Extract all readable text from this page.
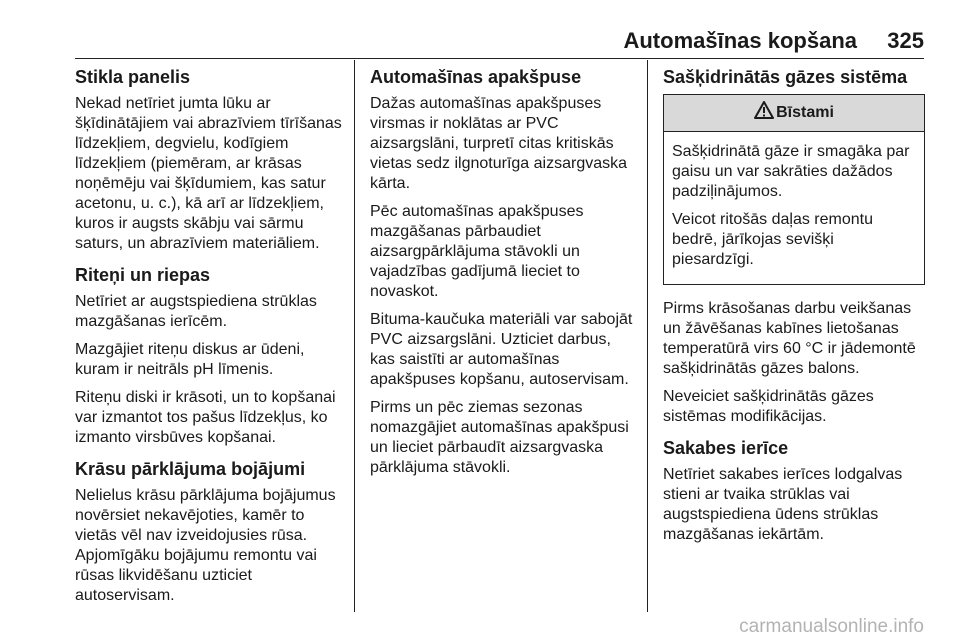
Automašīnas kopšana 325
Stikla panelis

Nekad netīriet jumta lūku ar
šķīdinātājiem vai abrazīviem tīrīšanas
līdzekļiem, degvielu, kodīgiem
līdzekļiem (piemēram, ar krāsas
noņēmēju vai šķīdumiem, kas satur
acetonu, u. c.), kā arī ar līdzekļiem,
kuros ir augsts skābju vai sārmu
saturs, un abrazīviem materiāliem.

Riteņi un riepas

Netīriet ar augstspiediena strūklas
mazgāšanas ierīcēm.

Mazgājiet riteņu diskus ar ūdeni,
kuram ir neitrāls pH līmenis.

Riteņu diski ir krāsoti, un to kopšanai
var izmantot tos pašus līdzekļus, ko
izmanto virsbūves kopšanai.

Krāsu pārklājuma bojājumi

Nelielus krāsu pārklājuma bojājumus
novērsiet nekavējoties, kamēr to
vietās vēl nav izveidojusies rūsa.
Apjomīgāku bojājumu remontu vai
rūsas likvidēšanu uzticiet
autoservisam.

Automašīnas apakšpuse

Dažas automašīnas apakšpuses
virsmas ir noklātas ar PVC
aizsargslāni, turpretī citas kritiskās
vietas sedz ilgnoturīga aizsargvaska
kārta.

Pēc automašīnas apakšpuses
mazgāšanas pārbaudiet
aizsargpārklājuma stāvokli un
vajadzības gadījumā lieciet to
novaskot.

Bituma-kaučuka materiāli var sabojāt
PVC aizsargslāni. Uzticiet darbus,
kas saistīti ar automašīnas
apakšpuses kopšanu, autoservisam.

Pirms un pēc ziemas sezonas
nomazgājiet automašīnas apakšpusi
un lieciet pārbaudīt aizsargvaska
pārklājuma stāvokli.

Sašķidrinātās gāzes sistēma
Bīstami

Sašķidrinātā gāze ir smagāka par
gaisu un var sakrāties dažādos
padziļinājumos.

Veicot ritošās daļas remontu
bedrē, jārīkojas sevišķi
piesardzīgi.

Pirms krāsošanas darbu veikšanas
un žāvēšanas kabīnes lietošanas
temperatūrā virs 60 °C ir jādemontē
sašķidrinātās gāzes balons.

Neveiciet sašķidrinātās gāzes
sistēmas modifikācijas.

Sakabes ierīce

Netīriet sakabes ierīces lodgalvas
stieni ar tvaika strūklas vai
augstspiediena ūdens strūklas
mazgāšanas iekārtām.

carmanualsonline.info
